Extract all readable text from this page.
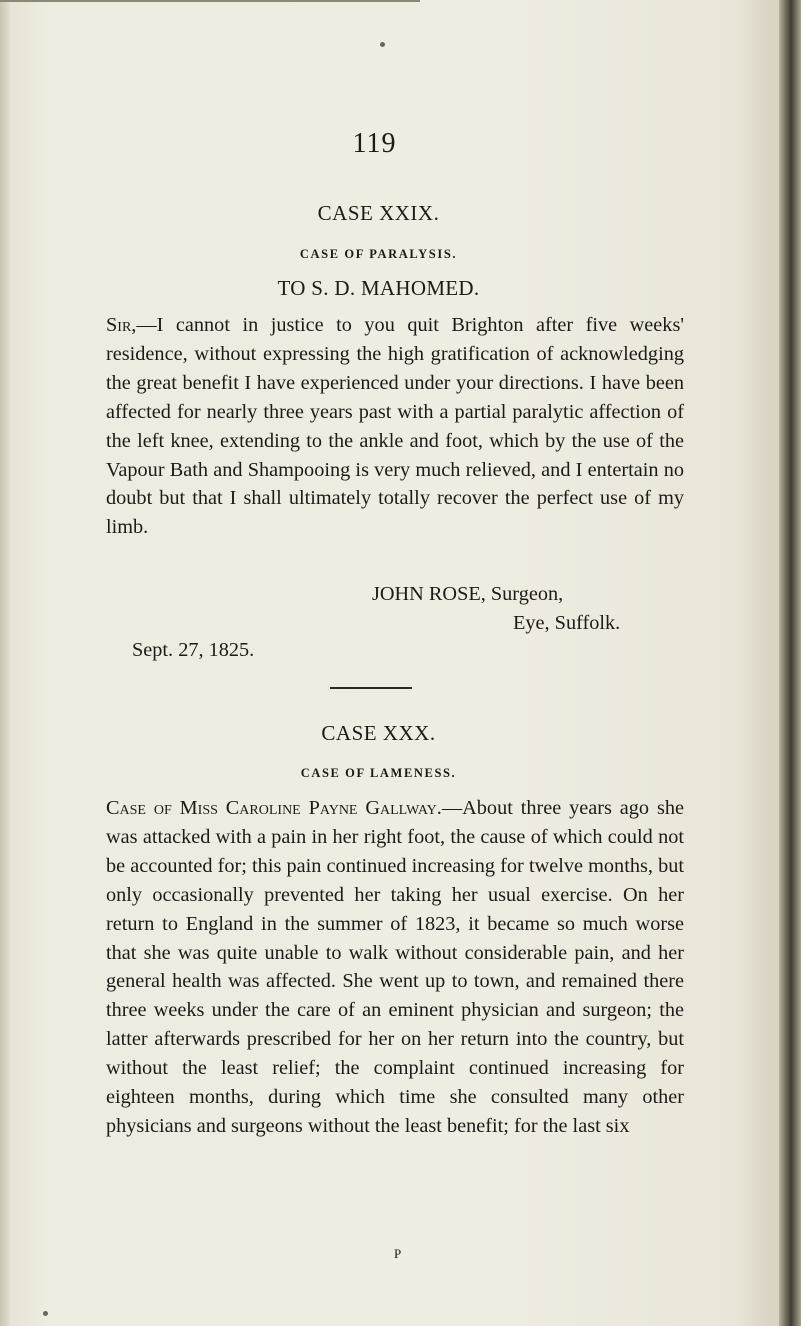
119
CASE XXIX.
CASE OF PARALYSIS.
TO S. D. MAHOMED.

Sir,—I cannot in justice to you quit Brighton after five weeks' residence, without expressing the high gratification of acknowledging the great benefit I have experienced under your directions. I have been affected for nearly three years past with a partial paralytic affection of the left knee, extending to the ankle and foot, which by the use of the Vapour Bath and Shampooing is very much relieved, and I entertain no doubt but that I shall ultimately totally recover the perfect use of my limb.

JOHN ROSE, Surgeon,
Eye, Suffolk.
Sept. 27, 1825.
CASE XXX.
CASE OF LAMENESS.

Case of Miss Caroline Payne Gallway.—About three years ago she was attacked with a pain in her right foot, the cause of which could not be accounted for; this pain continued increasing for twelve months, but only occasionally prevented her taking her usual exercise. On her return to England in the summer of 1823, it became so much worse that she was quite unable to walk without considerable pain, and her general health was affected. She went up to town, and remained there three weeks under the care of an eminent physician and surgeon; the latter afterwards prescribed for her on her return into the country, but without the least relief; the complaint continued increasing for eighteen months, during which time she consulted many other physicians and surgeons without the least benefit; for the last six

P
